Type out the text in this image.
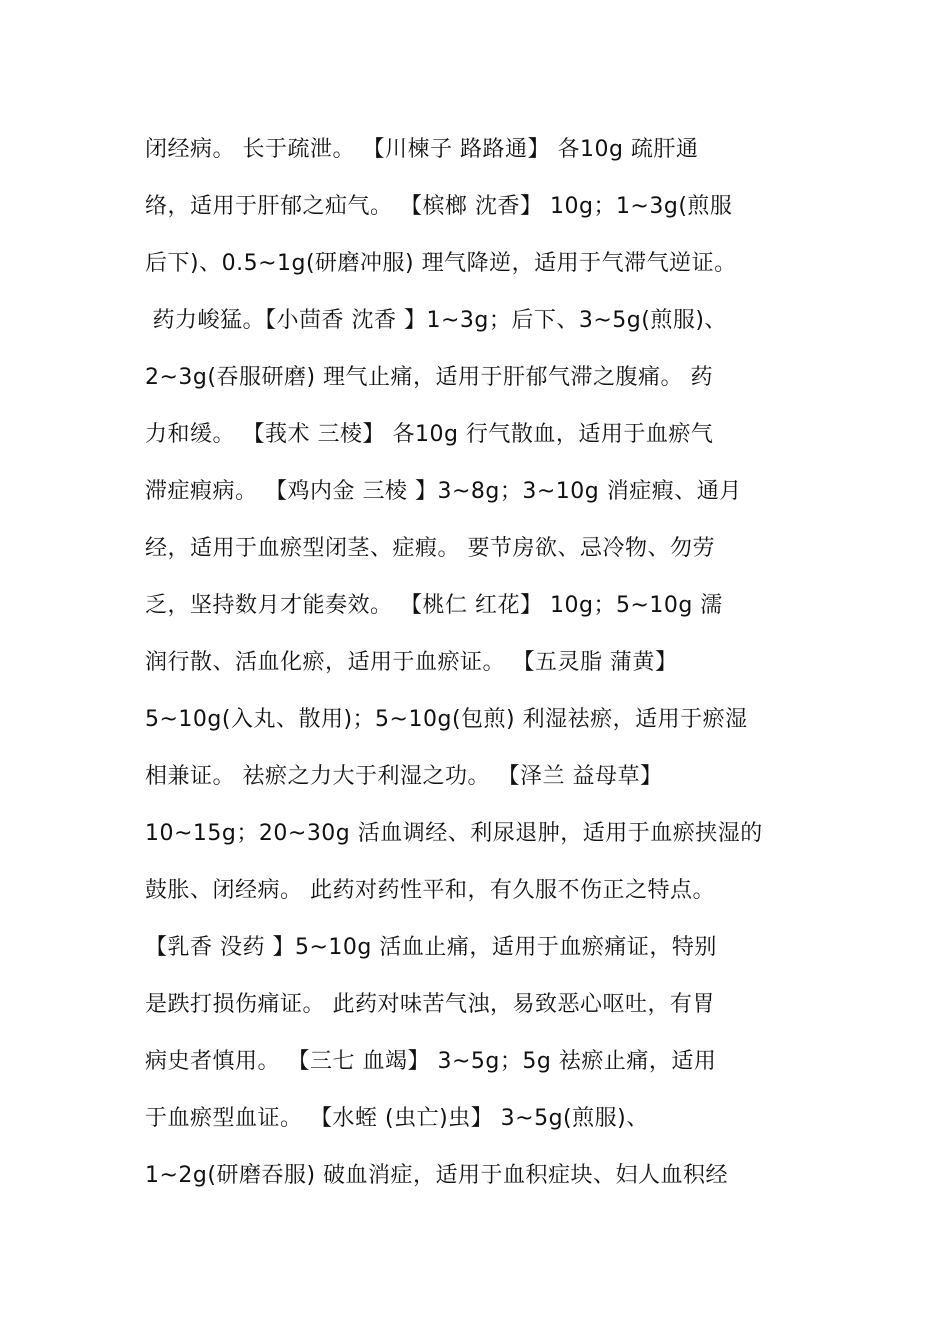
闭经病。 长于疏泄。 【川楝子 路路通】 各10g 疏肝通
络，适用于肝郁之疝气。 【槟榔 沈香】 10g；1~3g(煎服
后下)、0.5~1g(研磨冲服) 理气降逆，适用于气滞气逆证。
药力峻猛。【小茴香 沈香 】1~3g；后下、3~5g(煎服)、
2~3g(吞服研磨) 理气止痛，适用于肝郁气滞之腹痛。 药
力和缓。 【莪术 三棱】 各10g 行气散血，适用于血瘀气
滞症瘕病。 【鸡内金 三棱 】3~8g；3~10g 消症瘕、通月
经，适用于血瘀型闭茎、症瘕。 要节房欲、忌冷物、勿劳
乏，坚持数月才能奏效。 【桃仁 红花】 10g；5~10g 濡
润行散、活血化瘀，适用于血瘀证。 【五灵脂 蒲黄】
5~10g(入丸、散用)；5~10g(包煎) 利湿祛瘀，适用于瘀湿
相兼证。 祛瘀之力大于利湿之功。 【泽兰 益母草】
10~15g；20~30g 活血调经、利尿退肿，适用于血瘀挟湿的
鼓胀、闭经病。 此药对药性平和，有久服不伤正之特点。
【乳香 没药 】5~10g 活血止痛，适用于血瘀痛证，特别
是跌打损伤痛证。 此药对味苦气浊，易致恶心呕吐，有胃
病史者慎用。 【三七 血竭】 3~5g；5g 祛瘀止痛，适用
于血瘀型血证。 【水蛭 (虫亡)虫】 3~5g(煎服)、
1~2g(研磨吞服) 破血消症，适用于血积症块、妇人血积经
